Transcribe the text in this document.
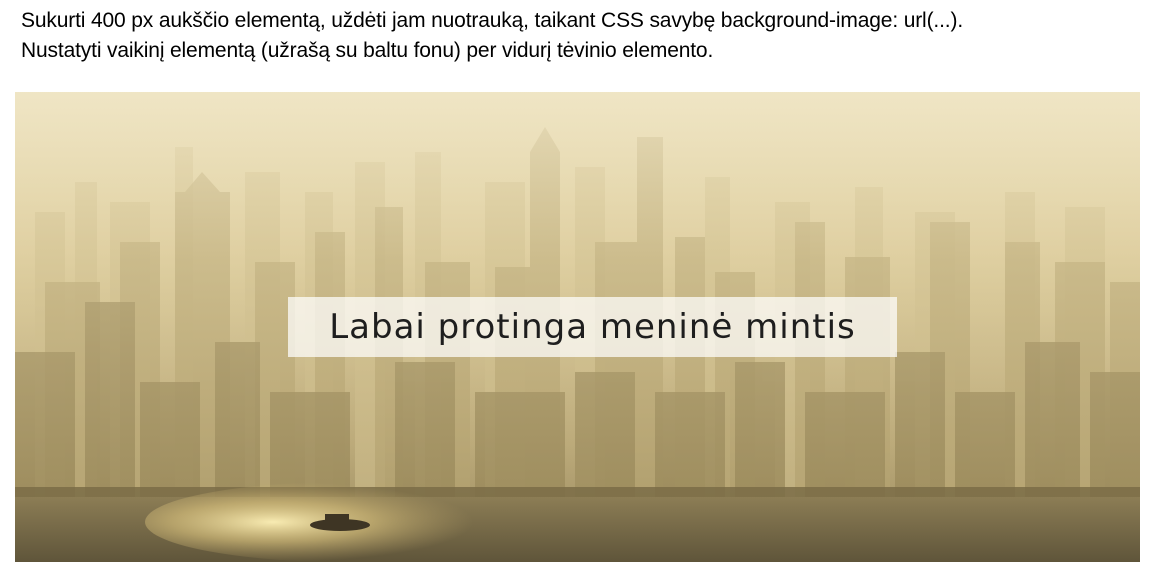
Sukurti 400 px aukščio elementą, uždėti jam nuotrauką, taikant CSS savybę background-image: url(...).
Nustatyti vaikinį elementą (užrašą su baltu fonu) per vidurį tėvinio elemento.
Labai protinga meninė mintis
